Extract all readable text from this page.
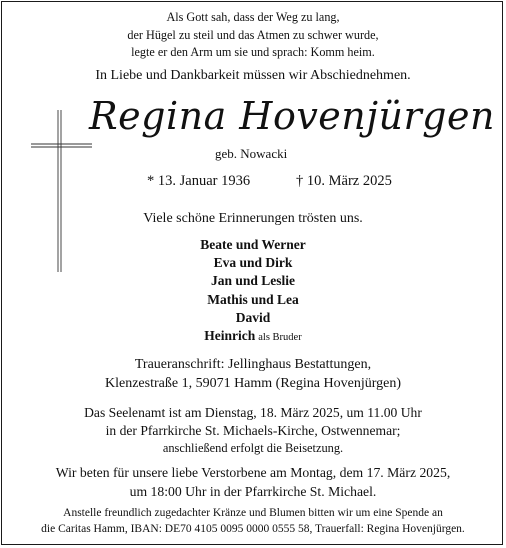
Als Gott sah, dass der Weg zu lang,
der Hügel zu steil und das Atmen zu schwer wurde,
legte er den Arm um sie und sprach: Komm heim.
In Liebe und Dankbarkeit müssen wir Abschiednehmen.
Regina Hovenjürgen
geb. Nowacki
* 13. Januar 1936	† 10. März 2025
Viele schöne Erinnerungen trösten uns.
Beate und Werner
Eva und Dirk
Jan und Leslie
Mathis und Lea
David
Heinrich als Bruder
Traueranschrift: Jellinghaus Bestattungen,
Klenzestraße 1, 59071 Hamm (Regina Hovenjürgen)
Das Seelenamt ist am Dienstag, 18. März 2025, um 11.00 Uhr
in der Pfarrkirche St. Michaels-Kirche, Ostwennemar;
anschließend erfolgt die Beisetzung.
Wir beten für unsere liebe Verstorbene am Montag, dem 17. März 2025,
um 18:00 Uhr in der Pfarrkirche St. Michael.
Anstelle freundlich zugedachter Kränze und Blumen bitten wir um eine Spende an
die Caritas Hamm, IBAN: DE70 4105 0095 0000 0555 58, Trauerfall: Regina Hovenjürgen.
